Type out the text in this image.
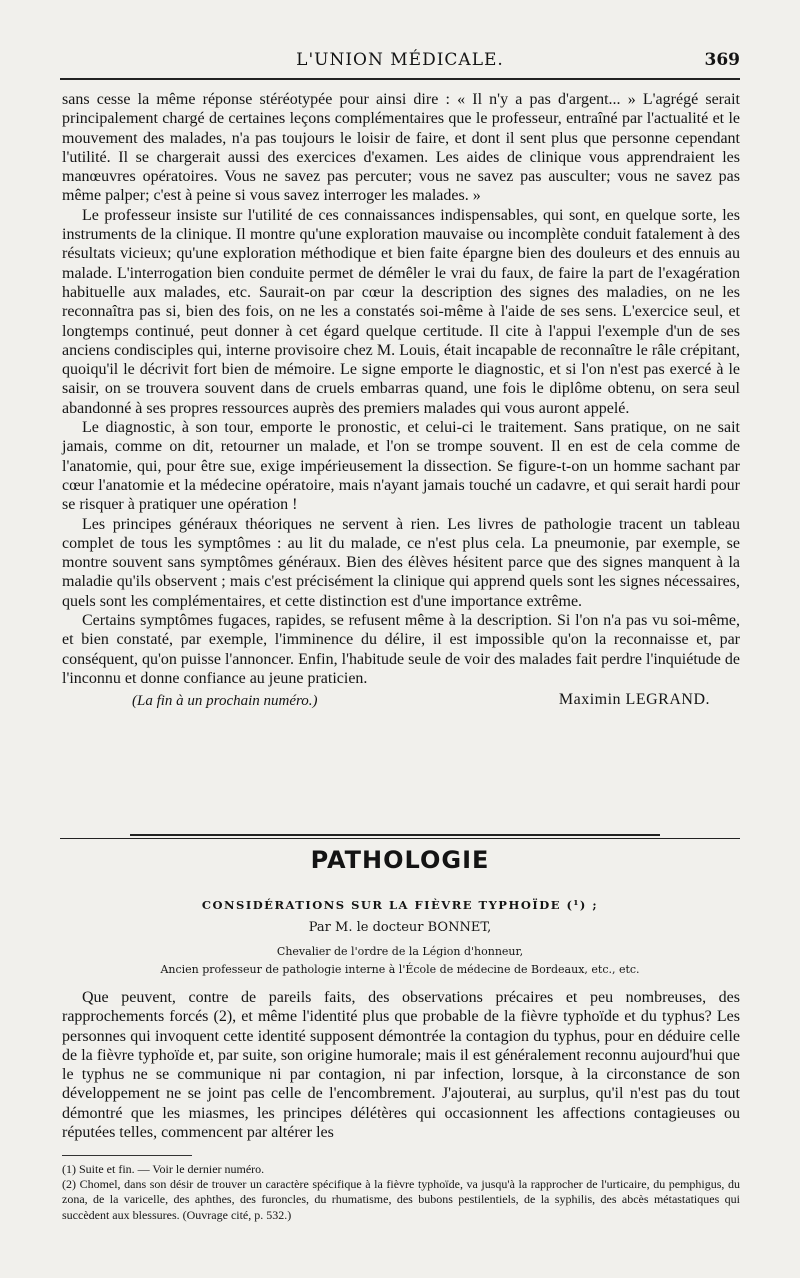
L'UNION MÉDICALE.	369

sans cesse la même réponse stéréotypée pour ainsi dire : « Il n'y a pas d'argent... » L'agrégé serait principalement chargé de certaines leçons complémentaires que le professeur, entraîné par l'actualité et le mouvement des malades, n'a pas toujours le loisir de faire, et dont il sent plus que personne cependant l'utilité. Il se chargerait aussi des exercices d'examen. Les aides de clinique vous apprendraient les manœuvres opératoires. Vous ne savez pas percuter; vous ne savez pas ausculter; vous ne savez pas même palper; c'est à peine si vous savez interroger les malades. »

Le professeur insiste sur l'utilité de ces connaissances indispensables, qui sont, en quelque sorte, les instruments de la clinique. Il montre qu'une exploration mauvaise ou incomplète conduit fatalement à des résultats vicieux; qu'une exploration méthodique et bien faite épargne bien des douleurs et des ennuis au malade. L'interrogation bien conduite permet de démêler le vrai du faux, de faire la part de l'exagération habituelle aux malades, etc. Saurait-on par cœur la description des signes des maladies, on ne les reconnaîtra pas si, bien des fois, on ne les a constatés soi-même à l'aide de ses sens. L'exercice seul, et longtemps continué, peut donner à cet égard quelque certitude. Il cite à l'appui l'exemple d'un de ses anciens condisciples qui, interne provisoire chez M. Louis, était incapable de reconnaître le râle crépitant, quoiqu'il le décrivit fort bien de mémoire. Le signe emporte le diagnostic, et si l'on n'est pas exercé à le saisir, on se trouvera souvent dans de cruels embarras quand, une fois le diplôme obtenu, on sera seul abandonné à ses propres ressources auprès des premiers malades qui vous auront appelé.

Le diagnostic, à son tour, emporte le pronostic, et celui-ci le traitement. Sans pratique, on ne sait jamais, comme on dit, retourner un malade, et l'on se trompe souvent. Il en est de cela comme de l'anatomie, qui, pour être sue, exige impérieusement la dissection. Se figure-t-on un homme sachant par cœur l'anatomie et la médecine opératoire, mais n'ayant jamais touché un cadavre, et qui serait hardi pour se risquer à pratiquer une opération !

Les principes généraux théoriques ne servent à rien. Les livres de pathologie tracent un tableau complet de tous les symptômes : au lit du malade, ce n'est plus cela. La pneumonie, par exemple, se montre souvent sans symptômes généraux. Bien des élèves hésitent parce que des signes manquent à la maladie qu'ils observent ; mais c'est précisément la clinique qui apprend quels sont les signes nécessaires, quels sont les complémentaires, et cette distinction est d'une importance extrême.

Certains symptômes fugaces, rapides, se refusent même à la description. Si l'on n'a pas vu soi-même, et bien constaté, par exemple, l'imminence du délire, il est impossible qu'on la reconnaisse et, par conséquent, qu'on puisse l'annoncer. Enfin, l'habitude seule de voir des malades fait perdre l'inquiétude de l'inconnu et donne confiance au jeune praticien.

(La fin à un prochain numéro.)	Maximin LEGRAND.
PATHOLOGIE
CONSIDÉRATIONS SUR LA FIÈVRE TYPHOÏDE (¹) ;
Par M. le docteur BONNET,
Chevalier de l'ordre de la Légion d'honneur,
Ancien professeur de pathologie interne à l'École de médecine de Bordeaux, etc., etc.

Que peuvent, contre de pareils faits, des observations précaires et peu nombreuses, des rapprochements forcés (2), et même l'identité plus que probable de la fièvre typhoïde et du typhus? Les personnes qui invoquent cette identité supposent démontrée la contagion du typhus, pour en déduire celle de la fièvre typhoïde et, par suite, son origine humorale; mais il est généralement reconnu aujourd'hui que le typhus ne se communique ni par contagion, ni par infection, lorsque, à la circonstance de son développement ne se joint pas celle de l'encombrement. J'ajouterai, au surplus, qu'il n'est pas du tout démontré que les miasmes, les principes délétères qui occasionnent les affections contagieuses ou réputées telles, commencent par altérer les

(1) Suite et fin. — Voir le dernier numéro.

(2) Chomel, dans son désir de trouver un caractère spécifique à la fièvre typhoïde, va jusqu'à la rapprocher de l'urticaire, du pemphigus, du zona, de la varicelle, des aphthes, des furoncles, du rhumatisme, des bubons pestilentiels, de la syphilis, des abcès métastatiques qui succèdent aux blessures. (Ouvrage cité, p. 532.)
